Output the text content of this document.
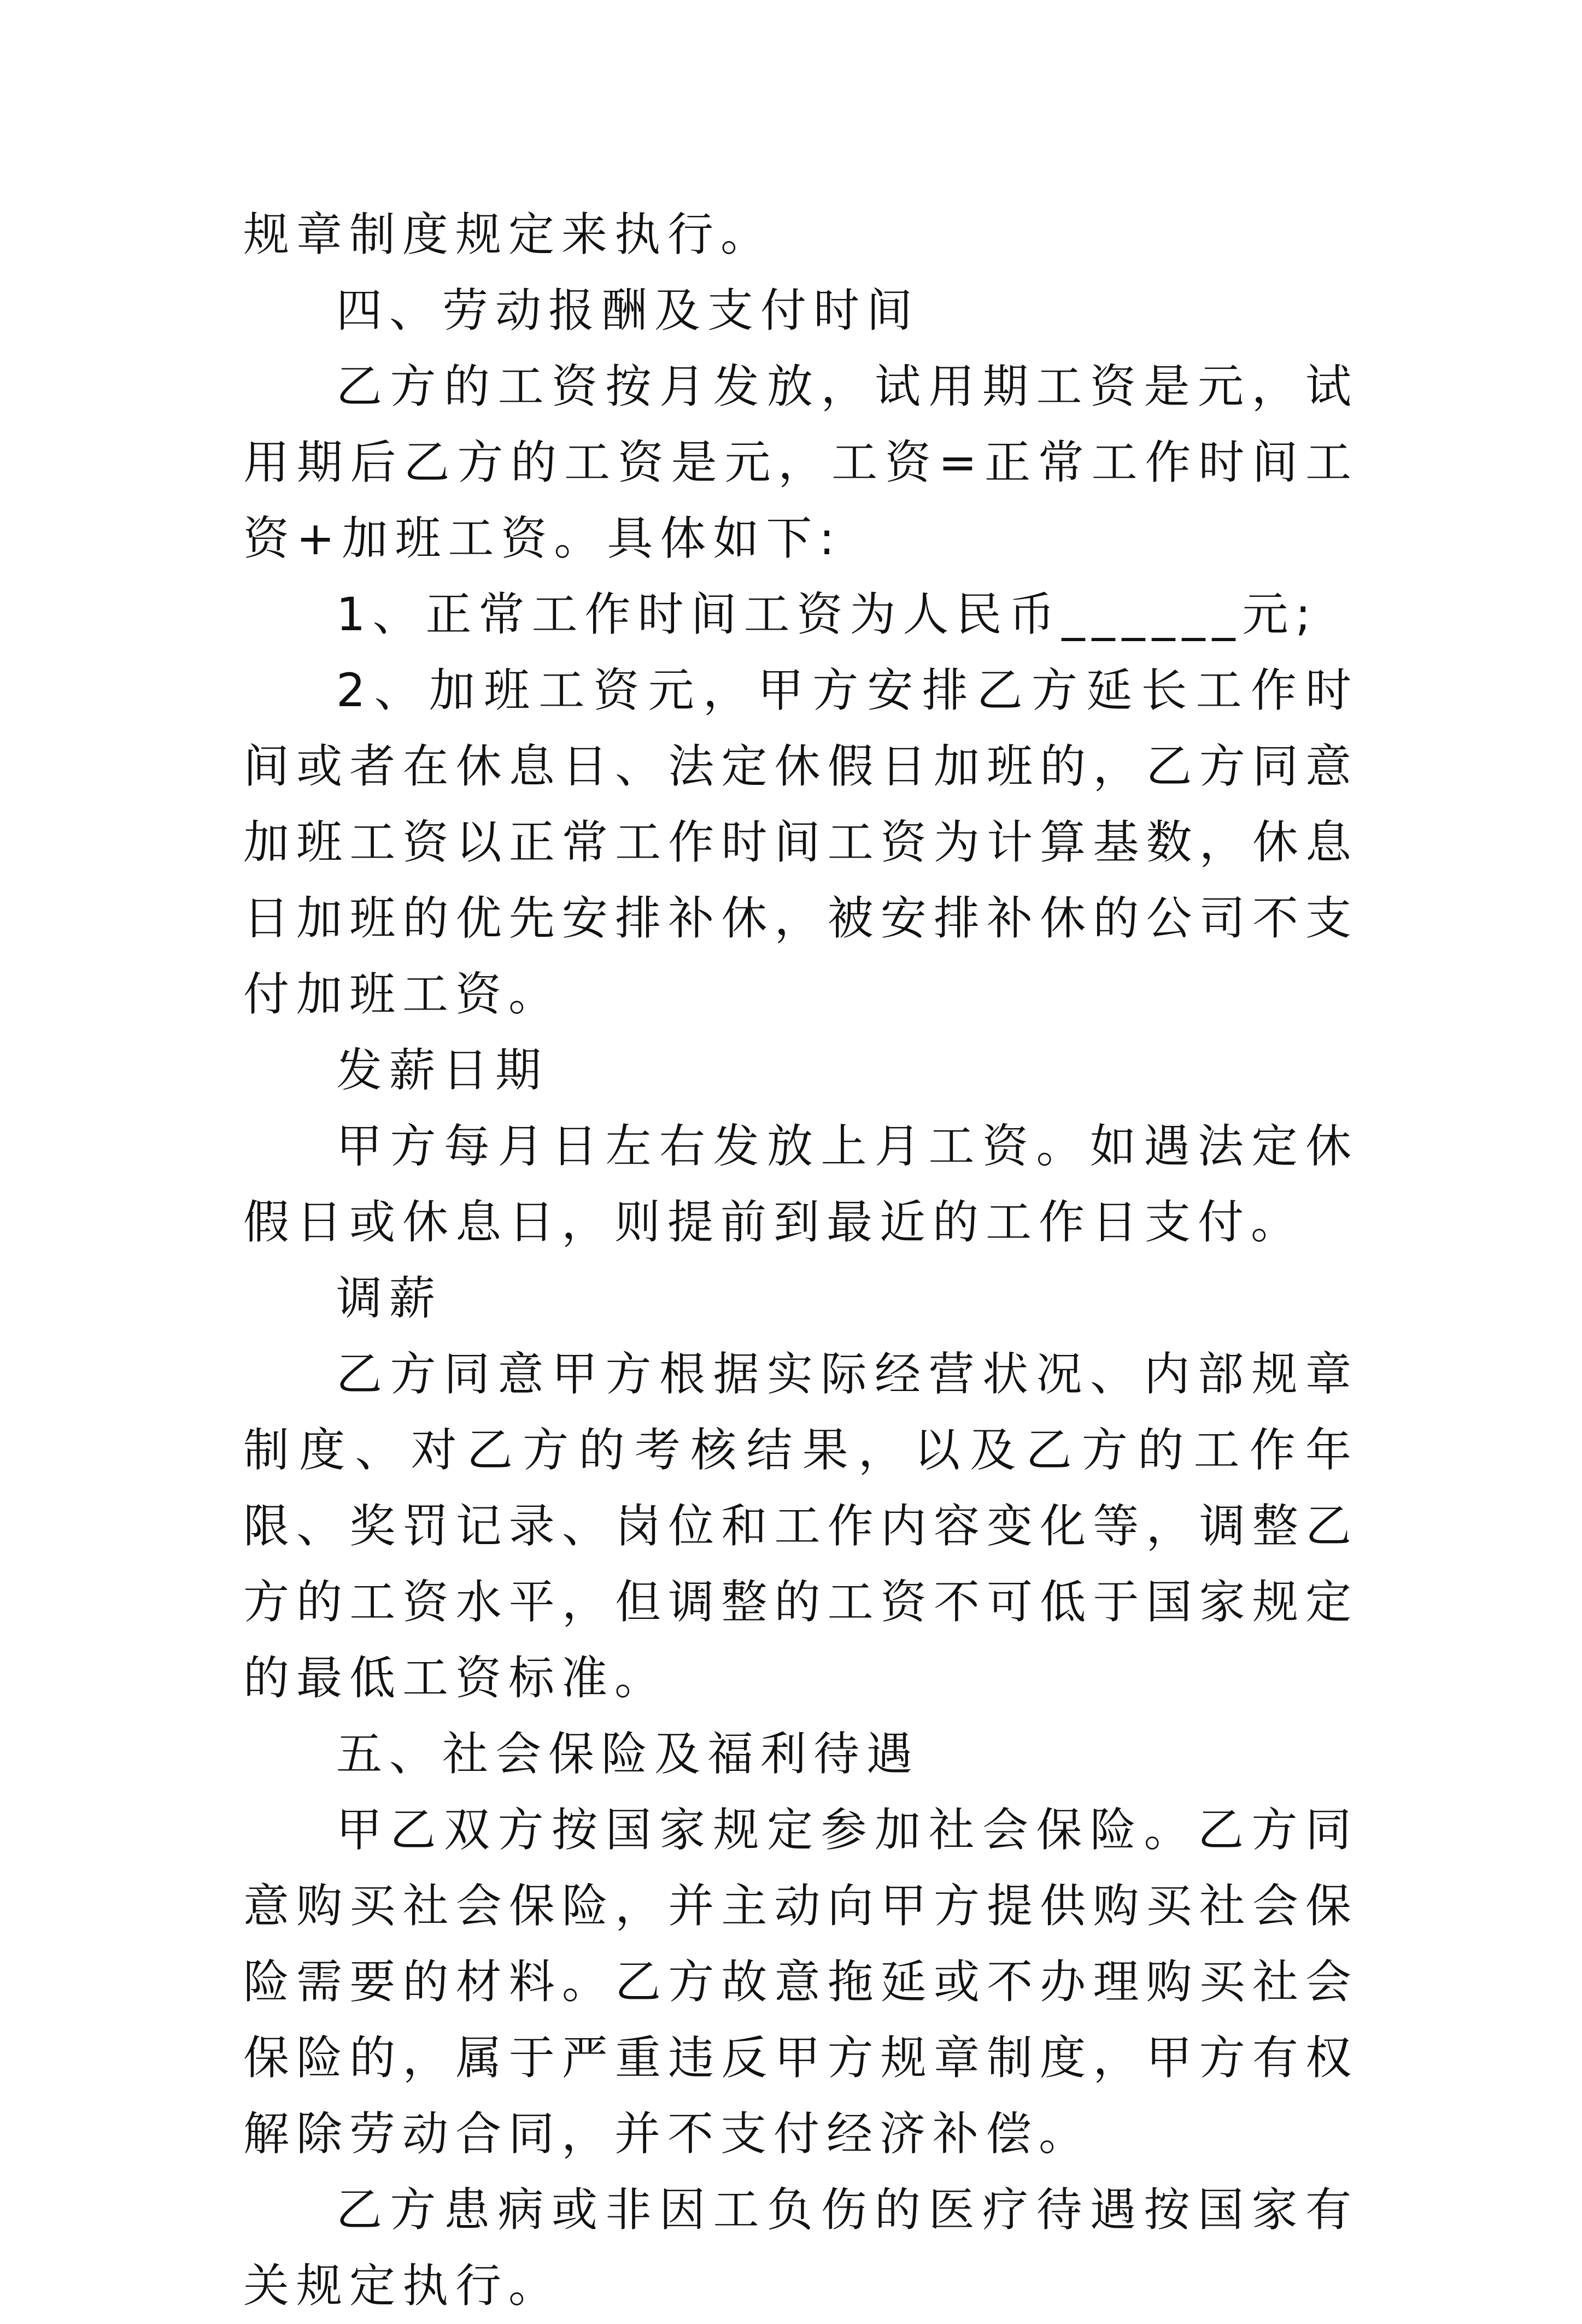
规章制度规定来执行。

四、劳动报酬及支付时间

乙方的工资按月发放，试用期工资是元，试用期后乙方的工资是元，工资=正常工作时间工资+加班工资。具体如下:

1、正常工作时间工资为人民币______元;

2、加班工资元，甲方安排乙方延长工作时间或者在休息日、法定休假日加班的，乙方同意加班工资以正常工作时间工资为计算基数，休息日加班的优先安排补休，被安排补休的公司不支付加班工资。

发薪日期

甲方每月日左右发放上月工资。如遇法定休假日或休息日，则提前到最近的工作日支付。

调薪

乙方同意甲方根据实际经营状况、内部规章制度、对乙方的考核结果，以及乙方的工作年限、奖罚记录、岗位和工作内容变化等，调整乙方的工资水平，但调整的工资不可低于国家规定的最低工资标准。

五、社会保险及福利待遇

甲乙双方按国家规定参加社会保险。乙方同意购买社会保险，并主动向甲方提供购买社会保险需要的材料。乙方故意拖延或不办理购买社会保险的，属于严重违反甲方规章制度，甲方有权解除劳动合同，并不支付经济补偿。

乙方患病或非因工负伤的医疗待遇按国家有关规定执行。
